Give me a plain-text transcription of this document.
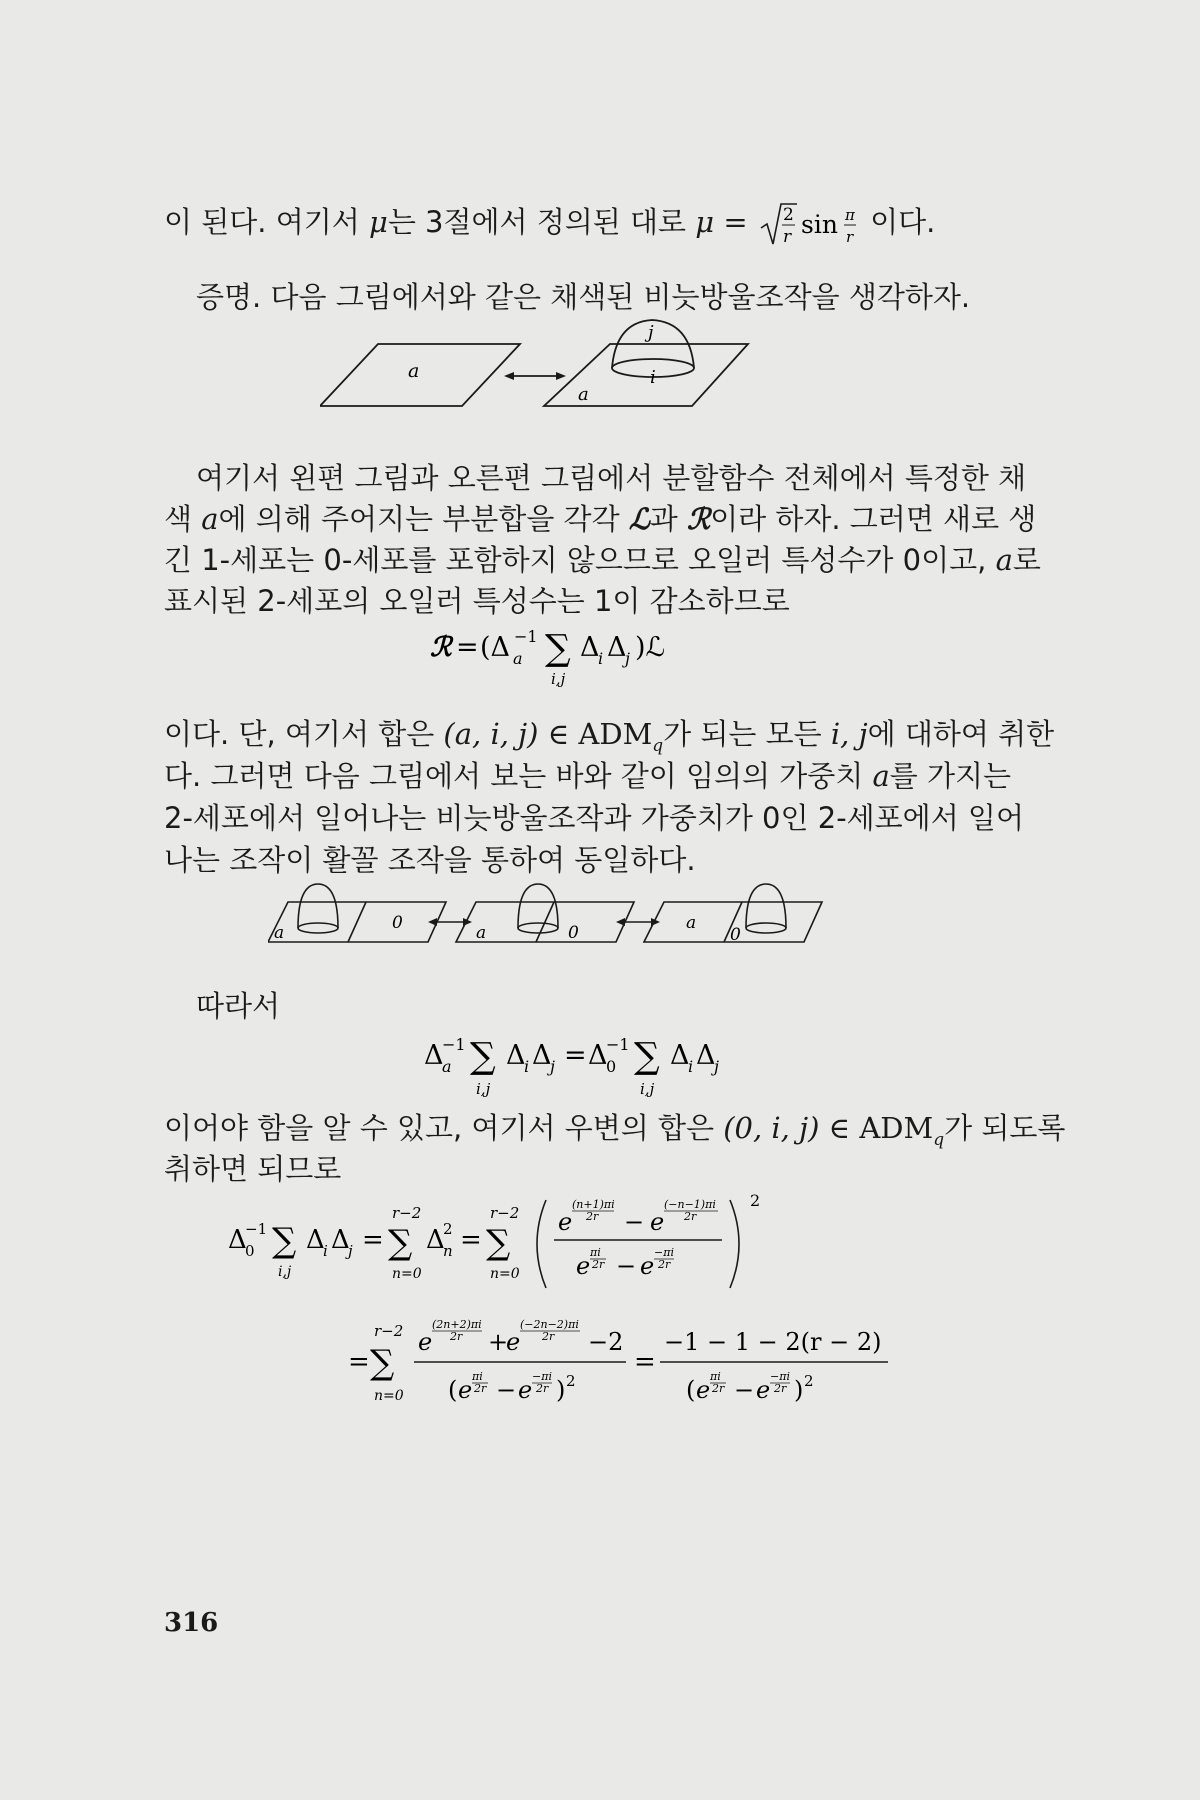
이 된다. 여기서 μ는 3절에서 정의된 대로 μ = 2
r sin π
r 이다.
증명. 다음 그림에서와 같은 채색된 비늣방울조작을 생각하자.
a
j
i
a
여기서 왼편 그림과 오른편 그림에서 분할함수 전체에서 특정한 채
색 a에 의해 주어지는 부분합을 각각 ℒ과 ℛ이라 하자. 그러면 새로 생
긴 1-세포는 0-세포를 포함하지 않으므로 오일러 특성수가 0이고, a로
표시된 2-세포의 오일러 특성수는 1이 감소하므로
ℛ = (Δ a
−1 ∑
i,j
Δ
i Δ
j )ℒ
이다. 단, 여기서 합은 (a, i, j) ∈ $ADM_q$가 되는 모든 i, j에 대하여 취한
다. 그러면 다음 그림에서 보는 바와 같이 임의의 가중치 a를 가지는
2-세포에서 일어나는 비늣방울조작과 가중치가 0인 2-세포에서 일어
나는 조작이 활꼴 조작을 통하여 동일하다.
a	0	a	0	a
0
따라서
Δ
a
−1 ∑
i,j
Δ
i Δ
j = Δ
0
−1 ∑
i,j
Δ
i Δ
j
이어야 함을 알 수 있고, 여기서 우변의 합은 (0, i, j) ∈ $ADM_q$가 되도록
취하면 되므로
Δ
0
−1 ∑
i,j
Δ
i Δ
j =
r−2
∑
n=0
Δ
n
2 =
r−2
∑
n=0
2
e
(n+1)πi
2r − e
(−n−1)πi
2r
e πi
2r − e −πi
2r
=
r−2
∑
n=0
e
(2n+2)πi
2r +
e
(−2n−2)πi
2r −2
( e πi
2r − e −πi
2r ) 2
=
−1 − 1 − 2(r − 2)
( e πi
2r − e −πi
2r ) 2
316
